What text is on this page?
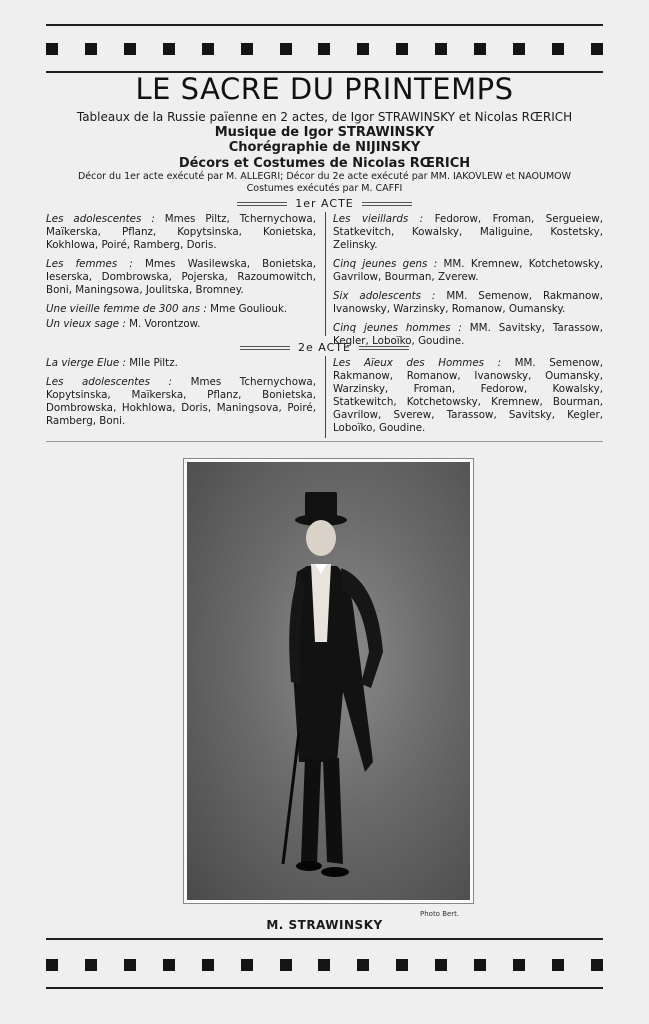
LE SACRE DU PRINTEMPS
Tableaux de la Russie païenne en 2 actes, de Igor STRAWINSKY et Nicolas RŒRICH
Musique de Igor STRAWINSKY
Chorégraphie de NIJINSKY
Décors et Costumes de Nicolas RŒRICH
Décor du 1er acte exécuté par M. ALLEGRI; Décor du 2e acte exécuté par MM. IAKOVLEW et NAOUMOW
Costumes exécutés par M. CAFFI
1er ACTE

Les adolescentes : Mmes Piltz, Tchernychowa, Maïkerska, Pflanz, Kopytsinska, Konietska, Kokhlowa, Poiré, Ramberg, Doris.

Les femmes : Mmes Wasilewska, Bonietska, Ieserska, Dombrowska, Pojerska, Razoumowitch, Boni, Maningsowa, Joulitska, Bromney.

Une vieille femme de 300 ans : Mme Gouliouk.

Un vieux sage : M. Vorontzow.

Les vieillards : Fedorow, Froman, Sergueiew, Statkevitch, Kowalsky, Maliguine, Kostetsky, Zelinsky.

Cinq jeunes gens : MM. Kremnew, Kotchetowsky, Gavrilow, Bourman, Zverew.

Six adolescents : MM. Semenow, Rakmanow, Ivanowsky, Warzinsky, Romanow, Oumansky.

Cinq jeunes hommes : MM. Savitsky, Tarassow, Kegler, Loboïko, Goudine.

2e ACTE

La vierge Elue : Mlle Piltz.

Les adolescentes : Mmes Tchernychowa, Kopytsinska, Maïkerska, Pflanz, Bonietska, Dombrowska, Hokhlowa, Doris, Maningsova, Poiré, Ramberg, Boni.

Les Aïeux des Hommes : MM. Semenow, Rakmanow, Romanow, Ivanowsky, Oumansky, Warzinsky, Froman, Fedorow, Kowalsky, Statkewitch, Kotchetowsky, Kremnew, Bourman, Gavrilow, Sverew, Tarassow, Savitsky, Kegler, Loboïko, Goudine.

Photo Bert.
M. STRAWINSKY
